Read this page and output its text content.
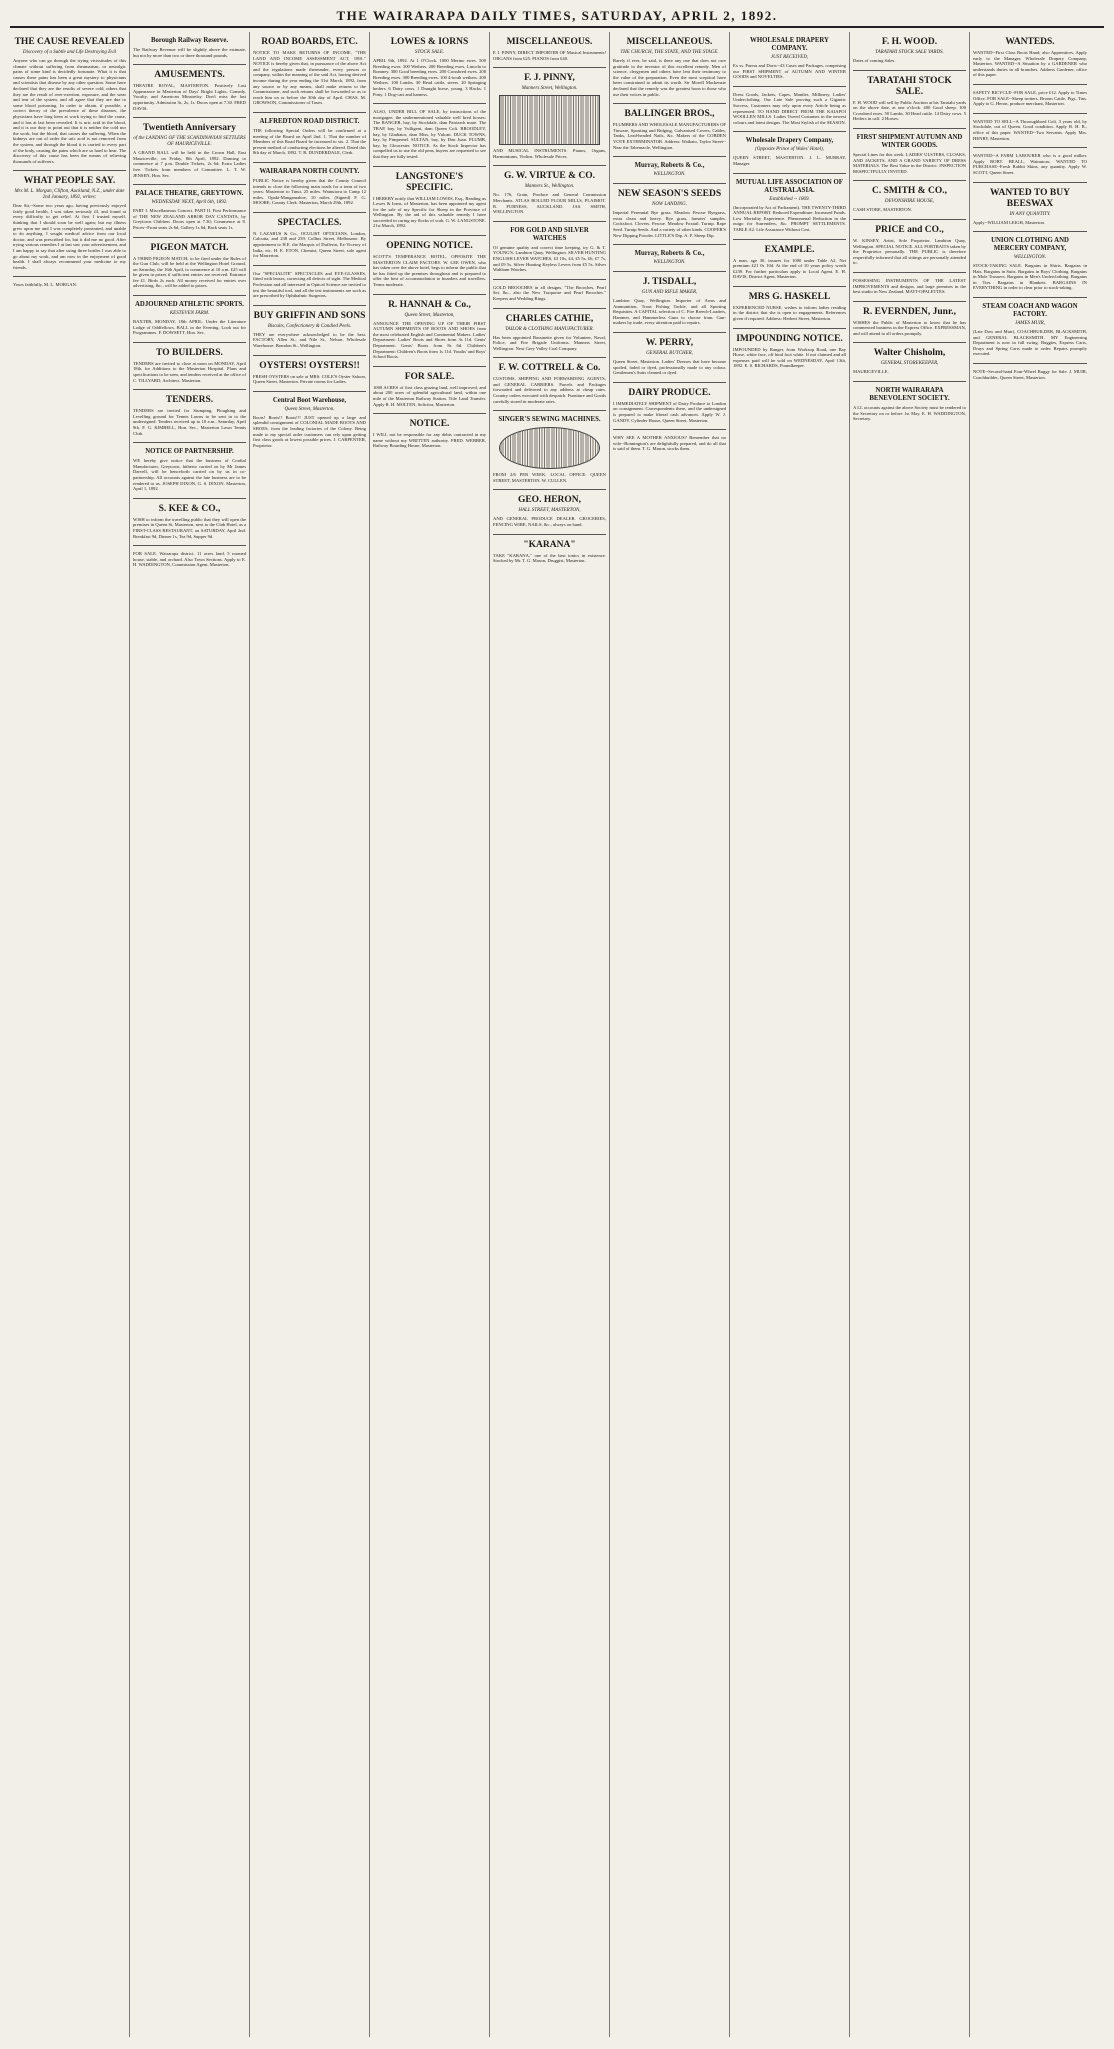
THE WAIRARAPA DAILY TIMES, SATURDAY, APRIL 2, 1892.
THE CAUSE REVEALED
Discovery of a Subtle and Life Destroying Evil
Anyone who can go through the trying vicissitudes of this climate without suffering from rheumatism, or neuralgic pains of some kind is decidedly fortunate. What it is that causes these pains has been a great mystery to physicians and scientists that disease by any other question. Some have declared that they are the results of severe cold, others that they are the result of over-exertion, exposure, and the wear and tear of the system, and all agree that they are due to some blood poisoning. In order to obtain, if possible, a correct theory of the prevalence of these diseases, the physicians have long been at work trying to find the cause, and it has at last been revealed. It is uric acid in the blood, and it is our duty to point out that it is neither the cold nor the work, but the blood, that causes the suffering. When the kidneys are out of order the uric acid is not removed from the system, and through the blood it is carried to every part of the body, causing the pains which are so hard to bear. The discovery of this cause has been the means of relieving thousands of sufferers.
WHAT PEOPLE SAY.
Mrs M. L. Morgan, Clifton, Auckland, N.Z., under date 2nd January, 1892, writes:
Dear Sir,--Some two years ago, having previously enjoyed fairly good health, I was taken seriously ill, and found at every difficulty to get relief. At first I trusted myself, thinking that I should soon be well again; but my illness grew upon me and I was completely prostrated, and unable to do anything. I sought medical advice from our local doctor, and was prescribed for, but it did me no good. After trying various remedies I at last saw your advertisement, and I am happy to say that after using three bottles I was able to go about my work, and am now in the enjoyment of good health. I shall always recommend your medicine to my friends.
Yours faithfully, M. L. MORGAN.
Borough Railway Reserve.
The Railway Revenue will be slightly above the estimate, but not by more than two or three thousand pounds.
AMUSEMENTS.
THEATRE ROYAL, MASTERTON. Positively Last Appearance in Masterton of Days' Bright Lights, Comedy, Vocalty, and American Minstrelsy. Don't miss the last opportunity. Admission 3s, 2s, 1s. Doors open at 7.30. FRED DAVIS.
Twentieth Anniversary
of the LANDING OF THE SCANDINAVIAN SETTLERS OF MAURICEVILLE.
A GRAND BALL will be held in the Crown Hall, East Mauriceville, on Friday, 8th April, 1892. Dancing to commence at 7 p.m. Double Tickets, 2s 6d; Extra Ladies free. Tickets from members of Committee. L. T. W. JENSEN, Hon. Sec.
PALACE THEATRE, GREYTOWN.
WEDNESDAY NEXT, April 6th, 1892.
PART I. Miscellaneous Concert. PART II. First Performance of THE NEW ZEALAND ARBOR DAY CANTATA, by Greytown Children. Doors open at 7.30; Commence at 8. Prices--Front seats 2s 6d, Gallery 1s 6d, Back seats 1s.
PIGEON MATCH.
A THIRD PIGEON MATCH, to be fired under the Rules of the Gun Club, will be held at the Wellington Hotel Ground, on Saturday, the 16th April, to commence at 10 a.m. £25 will be given in prizes if sufficient entries are received. Entrance fee £1. Birds 2s each. All money received for entries over advertising, &c., will be added to prizes.
ADJOURNED ATHLETIC SPORTS.
KESTEVEN FARM.
BAXTER, MONDAY, 18th APRIL. Under the Literature Lodge of Oddfellows. BALL in the Evening. Look out for Programmes. F. DOWSETT, Hon. Sec.
TO BUILDERS.
TENDERS are invited to close at noon on MONDAY, April 18th, for Additions to the Masterton Hospital. Plans and specifications to be seen, and tenders received at the office of C. TILLYARD, Architect, Masterton.
TENDERS.
TENDERS are invited for Stumping, Ploughing and Levelling ground for Tennis Lawns to be sent in to the undersigned. Tenders received up to 10 a.m., Saturday, April 9th. F. G. KIMBELL, Hon. Sec., Masterton Lawn Tennis Club.
NOTICE OF PARTNERSHIP.
WE hereby give notice that the business of Cordial Manufacturer, Greytown, hitherto carried on by Mr James Darvell, will be henceforth carried on by us in co-partnership. All accounts against the late business are to be rendered to us. JOSEPH DIXON, G. S. DIXON. Masterton, April 1, 1892.
S. KEE & CO.,
WISH to inform the travelling public that they will open the premises in Queen St, Masterton, next to the Club Hotel, as a FIRST-CLASS RESTAURANT, on SATURDAY, April 2nd. Breakfast 9d, Dinner 1s, Tea 9d, Supper 9d.
FOR SALE. Wairarapa district. 11 acres land, 5 roomed house, stable, and orchard. Also Town Sections. Apply to E. H. WADDINGTON, Commission Agent, Masterton.
ROAD BOARDS, ETC.
NOTICE TO MAKE RETURNS OF INCOME. "THE LAND AND INCOME ASSESSMENT ACT, 1891." NOTICE is hereby given that, in pursuance of the above Act and the regulations made thereunder, every person or company, within the meaning of the said Act, having derived income during the year ending the 31st March, 1892, from any source or by any means, shall make returns to the Commissioner, and such returns shall be forwarded so as to reach him on or before the 30th day of April. CHAS. M. GROWSON, Commissioner of Taxes.
ALFREDTON ROAD DISTRICT.
THE following Special Orders will be confirmed at a meeting of the Board on April 2nd. 1. That the number of Members of this Road Board be increased to six. 2. That the present method of conducting elections be altered. Dated this 8th day of March, 1892. T. R. DUNDERDALE, Clerk.
WAIRARAPA NORTH COUNTY.
PUBLIC Notice is hereby given that the County Council intends to close the following main roads for a term of two years: Masterton to Tinui, 25 miles. Wainuioru to Camp 12 miles. Opaki-Mangamahoe, 10 miles. (Signed) F. G. MOORE, County Clerk. Masterton, March 29th, 1892.
SPECTACLES.
N. LAZARUS & Co., OCULIST OPTICIANS, London, Calcutta, and 238 and 239, Collins Street, Melbourne. By appointment to H.E. the Marquis of Dufferin, Ex-Viceroy of India, etc. H. E. ETON, Chemist, Queen Street, sole agent for Masterton.
Our "SPECIALITE" SPECTACLES and EYE-GLASSES, fitted with lenses, correcting all defects of sight. The Medical Profession and all interested in Optical Science are invited to test the beautiful tool, and all the test instruments are such as are prescribed by Ophthalmic Surgeons.
BUY GRIFFIN AND SONS
Biscuits, Confectionery & Candied Peels.
THEY are everywhere acknowledged to be the best. FACTORY, Allen St., and Nile St., Nelson. Wholesale Warehouse: Brandon St., Wellington.
OYSTERS! OYSTERS!!
FRESH OYSTERS on sale at MRS. COLE'S Oyster Saloon, Queen Street, Masterton. Private rooms for Ladies.
Central Boot Warehouse,
Queen Street, Masterton.
Boots! Boots!! Boots!!! JUST opened up a large and splendid consignment of COLONIAL MADE BOOTS AND SHOES, from the leading factories of the Colony. Being made to my special order customers can rely upon getting first class goods at lowest possible prices. J. CARPENTER, Proprietor.
LOWES & IORNS
STOCK SALE.
APRIL 9th, 1892. At 1 O'Clock. 1000 Merino ewes. 500 Breeding ewes. 300 Wethers. 200 Breeding ewes, Lincoln to Romney. 300 Good breeding ewes. 200 Crossbred ewes. 200 Breeding ewes. 300 Breeding ewes. 100 4-tooth wethers. 200 Wethers. 100 Lambs. 30 Head cattle, steers. 20 Springing heifers. 6 Dairy cows. 1 Draught horse, young. 3 Hacks. 1 Pony. 1 Dog-cart and harness.
ALSO, UNDER BILL OF SALE, by instructions of the mortgagee, the undermentioned valuable well bred horses: The RANGER, bay, by Stockdale, dam Patriarch mare. The TRAP, bay, by Vulligent, dam Queen Colt. BROODLEY, bay, by Gladiator, dam Miss, by Vulcan. DUCK TOWNS, bay, by Pimpernel. SULTAN, bay, by Don Juan. PLUMB, bay, by Gloucester. NOTICE. As the Stock Inspector has compelled us to use the old pens, buyers are requested to see that they are fully tested.
LANGSTONE'S SPECIFIC.
I HEREBY notify that WILLIAM LOWES, Esq., Reading us Lowes & Iorns, of Masterton, has been appointed my agent for the sale of my Specific for Sheep in the Province of Wellington. By the aid of this valuable remedy I have succeeded in curing my flocks of scab. G. W. LANGSTONE. 21st March, 1892.
OPENING NOTICE.
SCOTT'S TEMPERANCE HOTEL, OPPOSITE THE MASTERTON CLAIM FACTORY. W. LEE OWEN, who has taken over the above hotel, begs to inform the public that he has fitted up the premises throughout and is prepared to offer the best of accommodation to boarders and travellers. Terms moderate.
R. HANNAH & Co.,
Queen Street, Masterton,
ANNOUNCE THE OPENING UP OF THEIR FIRST AUTUMN SHIPMENTS OF BOOTS AND SHOES from the most celebrated English and Continental Makers. Ladies' Department: Ladies' Boots and Shoes from 3s 11d. Gents' Department: Gents' Boots from 8s 6d. Children's Department: Children's Boots from 1s 11d. Youths' and Boys' School Boots.
FOR SALE.
1000 ACRES of first class grazing land, well improved, and about 200 acres of splendid agricultural land, within one mile of the Masterton Railway Station. Title Land Transfer. Apply R. H. MOLTEN, Solicitor, Masterton.
NOTICE.
I WILL not be responsible for any debts contracted in my name without my WRITTEN authority. FRED. WEBBER, Railway Boarding House, Masterton.
MISCELLANEOUS.
F. J. PINNY, DIRECT IMPORTER OF Musical Instruments! ORGANS from £25. PIANOS from £40.
F. J. PINNY,
Manners Street, Wellington.
AND MUSICAL INSTRUMENTS. Pianos, Organs, Harmoniums, Violins. Wholesale Prices.
G. W. VIRTUE & CO.
Manners St., Wellington.
No. 176, Grain, Produce and General Commission Merchants. ATLAS BOLLED FLOUR MILLS, PLAIMOT. R. FURNESS, AUCKLAND. JAS. SMITH, WELLINGTON.
FOR GOLD AND SILVER WATCHES
Of genuine quality and correct time keeping, try G. & T. YOUNG'S, Lambton Quay, Wellington. SILVER HUNTING ENGLISH LEVER WATCHES, £3 10s, £4, £5 5s, £6, £7 7s, and £9 5s. Silver Hunting Keyless Levers from £5 5s. Silver Waltham Watches.
GOLD BROOCHES in all designs. "The Brooches, Pearl Set, &c., also the New Turquoise and Pearl Brooches." Keepers and Wedding Rings.
CHARLES CATHIE,
TAILOR & CLOTHING MANUFACTURER.
Has been appointed Bassinette given for Volunteer, Naval, Police, and Fire Brigade Uniforms. Manners Street, Wellington. Next Grey Valley Coal Company.
F. W. COTTRELL & Co.
CUSTOMS, SHIPPING AND FORWARDING AGENTS, and GENERAL CARRIERS. Parcels and Packages forwarded and delivered to any address at cheap rates. Country orders executed with despatch. Furniture and Goods carefully stored in moderate rates.
SINGER'S SEWING MACHINES.
FROM 2/6 PER WEEK. LOCAL OFFICE: QUEEN STREET, MASTERTON. W. CULLEN.
GEO. HERON,
HALL STREET, MASTERTON,
AND GENERAL PRODUCE DEALER. GROCERIES, FENCING WIRE, NAILS, &c., always on hand.
"KARANA"
TAKE "KARANA," one of the best tonics in existence. Stocked by Mr. T. G. Mason, Druggist, Masterton.
MISCELLANEOUS.
THE CHURCH, THE STATE, AND THE STAGE.
Rarely if ever, be said, is there any one that does not owe gratitude to the inventor of this excellent remedy. Men of science, clergymen and others have lent their testimony to the value of the preparation. Even the most sceptical have been constrained to admit its worth. Sir Morell Mackenzie declared that the remedy was the greatest boon to those who use their voices in public.
BALLINGER BROS.,
PLUMBERS AND WHOLESALE MANUFACTURERS OF Tinware, Spouting and Ridging, Galvanised Covers, Cables, Tanks, Lead-headed Nails, &c. Makers of the COBDEN VOTE EXTERMINATOR. Address: Waikato, Taylor Street--Near the Tabernacle, Wellington.
Murray, Roberts & Co.,
WELLINGTON.
NEW SEASON'S SEEDS
NOW LANDING.
Imperial Perennial Rye grass. Meadow Fescue Ryegrass, extra clean and heavy. Rye grass, farmers' samples. Cocksfoot. Clovers. Fescue. Meadow Foxtail. Turnip. Rape Seed. Turnip Seeds. And a variety of other kinds. COOPER'S New Dipping Powder. LITTLE'S Dip. A. F. Sheep Dip.
Murray, Roberts & Co.,
WELLINGTON.
J. TISDALL,
GUN AND RIFLE MAKER,
Lambton Quay, Wellington. Importer of Arms and Ammunition, Trout Fishing Tackle, and all Sporting Requisites. A CAPITAL selection of C. Fire Breech-Loaders, Hammer, and Hammerless Guns to choose from. Gun-makers by trade, every attention paid to repairs.
W. PERRY,
GENERAL BUTCHER,
Queen Street, Masterton. Ladies' Dresses that have become spoiled, faded or dyed, professionally made to any colour. Gentlemen's Suits cleaned or dyed.
DAIRY PRODUCE.
I IMMEDIATELY SHIPMENT of Dairy Produce to London on consignment. Correspondents there, and the undersigned is prepared to make liberal cash advances. Apply W. J. GANDY, Cylinder House, Queen Street, Masterton.
WHY SEE A MOTHER ANXIOUS? Remember that no wife--Bonnington's are delightfully prepared, and do all that is said of them. T. G. Mason, stocks them.
WHOLESALE DRAPERY COMPANY.
JUST RECEIVED,
Ex ss. Parera and Doric--43 Cases and Packages, comprising our FIRST SHIPMENT of AUTUMN AND WINTER GOODS and NOVELTIES.
Dress Goods, Jackets, Capes, Mantles, Millinery, Ladies' Underclothing. Our Late Sale proving such a Gigantic Success, Customers may rely upon every Article being as represented. TO HAND DIRECT FROM THE KAIAPOI WOOLLEN MILLS. Ladies Tweed Costumes in the newest colours and latest designs. The Most Stylish of the SEASON.
Wholesale Drapery Company,
(Opposite Prince of Wales' Hotel),
QUEEN STREET, MASTERTON. J. L. MURRAY, Manager.
MUTUAL LIFE ASSOCIATION OF AUSTRALASIA.
Established -- 1869.
(Incorporated by Act of Parliament). THE TWENTY-THIRD ANNUAL REPORT. Reduced Expenditure. Increased Funds. Low Mortality Experience. Phenomenal Reduction in the outgo for Surrenders, &c. PROMPT SETTLEMENTS. TABLE A2. Life Assurance Without Cost.
EXAMPLE.
A man, age 30, insures for 1000 under Table A2. Net premium £21 0s 10d. At the end of 10 years policy worth £239. For further particulars apply to Local Agent. E. H. DAVIS, District Agent, Masterton.
MRS G. HASKELL
EXPERIENCED NURSE, wishes to inform ladies residing in the district that she is open to engagements. References given if required. Address: Herbert Street, Masterton.
IMPOUNDING NOTICE.
IMPOUNDED by Ranger, from Worksop Road, one Bay Horse, white face, off hind foot white. If not claimed and all expenses paid will be sold on WEDNESDAY, April 13th, 1892. E. S. RICHARDS, Poundkeeper.
F. H. WOOD.
TARATAHI STOCK SALE YARDS.
Dates of coming Sales.
TARATAHI STOCK SALE.
F. H. WOOD will sell by Public Auction at his Taratahi yards on the above date, at one o'clock. 400 Good sheep. 100 Crossbred ewes. 50 Lambs. 30 Head cattle. 14 Dairy cows. 5 Heifers in calf. 2 Horses.
FIRST SHIPMENT AUTUMN AND WINTER GOODS.
Special Lines for this week. LADIES' ULSTERS, CLOAKS, AND JACKETS, AND A GRAND VARIETY OF DRESS MATERIALS. The Best Value in the District. INSPECTION RESPECTFULLY INVITED.
C. SMITH & CO.,
DEVONSHIRE HOUSE,
CASH STORE, MASTERTON.
PRICE and CO.,
W. KINSEY, Artist, Sole Proprietor. Lambton Quay, Wellington. SPECIAL NOTICE. ALL PORTRAITS taken by the Proprietor personally. THE PUBLIC is therefore respectfully informed that all sittings are personally attended to.
POSSESSING INSTRUMENTS OF THE LATEST IMPROVEMENTS and designs, and large premises in the best studio in New Zealand. MATT-OPALETTES.
R. EVERNDEN, Junr.,
WISHES the Public of Masterton to know that he has commenced business in the Express Office. EXPRESSMAN, and will attend to all orders promptly.
Walter Chisholm,
GENERAL STOREKEEPER,
MAURICEVILLE.
NORTH WAIRARAPA BENEVOLENT SOCIETY.
A LL accounts against the above Society must be rendered to the Secretary on or before 1st May. E. H. WADDINGTON, Secretary.
WANTEDS.
WANTED--First Class Boots Hand; also Apprentices. Apply early to the Manager, Wholesale Drapery Company, Masterton. WANTED--A Situation by a GARDENER who understands duties in all branches. Address Gardener, office of this paper.
SAFETY BICYCLE--FOR SALE, price £12. Apply to Times Office. FOR SALE--Sheep trotters, Broom Cattle, Pigs, Tins. Apply to G. Heron, produce merchant, Masterton.
WANTED TO SELL--A Thoroughbred Colt, 3 years old, by Stockdale, out of Queen. Good condition. Apply R. H. B., office of this paper. WANTED--Two Servants. Apply Mrs. HENRY, Masterton.
WANTED--A FARM LABOURER who is a good milker. Apply ROBT. BEALL, Wainuioru. WANTED TO PURCHASE--Fresh Rabbit Skins, any quantity. Apply W. SCOTT, Queen Street.
WANTED TO BUY BEESWAX
IN ANY QUANTITY.
Apply--WILLIAM LEIGH, Masterton.
UNION CLOTHING AND MERCERY COMPANY,
WELLINGTON.
STOCK-TAKING SALE. Bargains in Shirts. Bargains in Hats. Bargains in Suits. Bargains in Boys' Clothing. Bargains in Mole Trousers. Bargains in Men's Underclothing. Bargains in Ties. Bargains in Blankets. BARGAINS IN EVERYTHING in order to clear prior to stock-taking.
STEAM COACH AND WAGON FACTORY.
JAMES MUIR,
(Late Dow and Muir), COACHBUILDER, BLACKSMITH, and GENERAL BLACKSMITH. MY Engineering Department is now in full swing. Buggies, Express Carts, Drays and Spring Carts made to order. Repairs promptly executed.
NOTE--Second-hand Four-Wheel Buggy for Sale. J. MUIR, Coachbuilder, Queen Street, Masterton.
